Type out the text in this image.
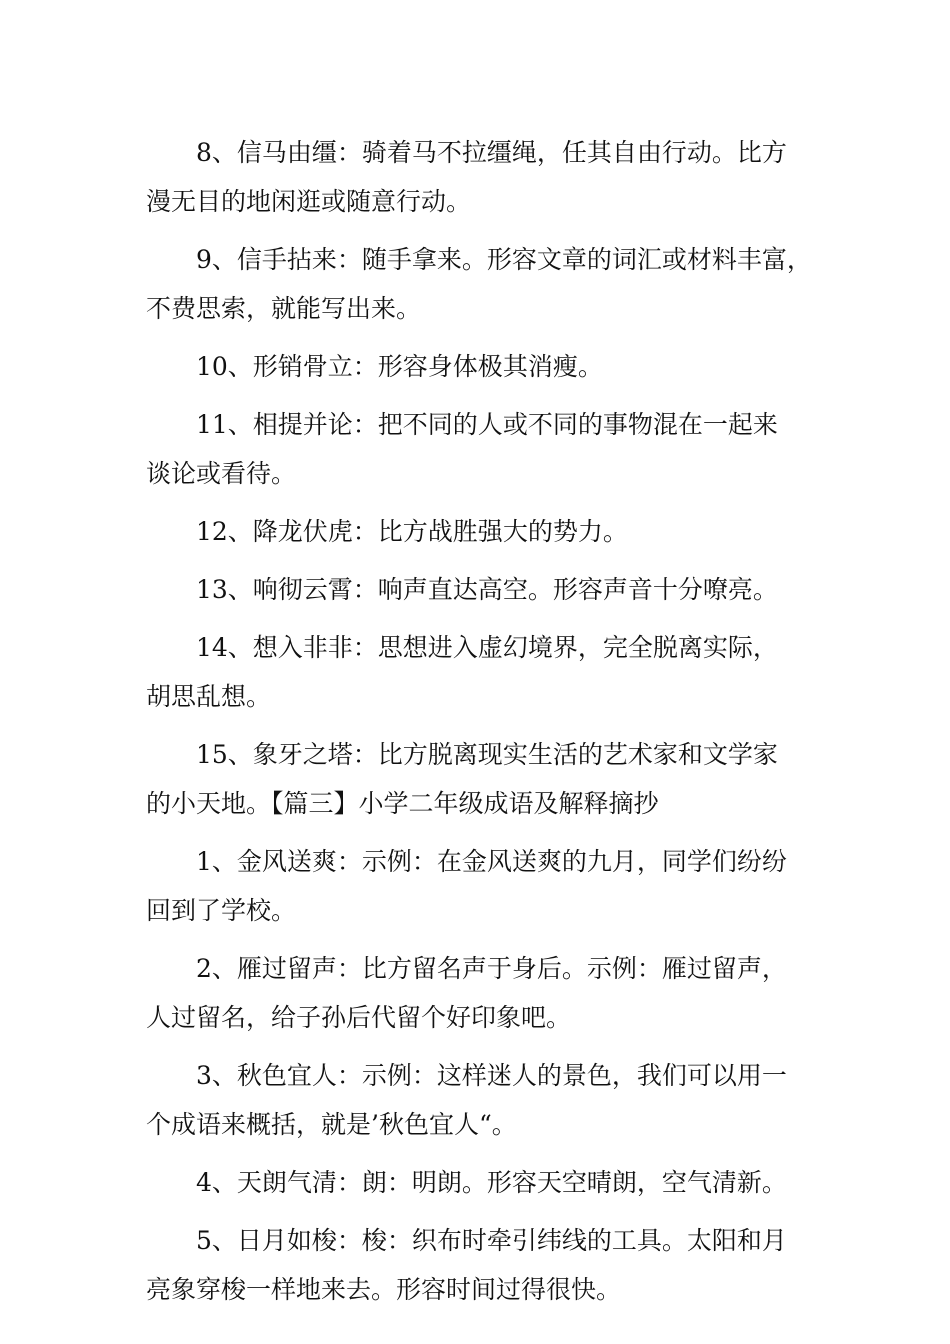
8、信马由缰：骑着马不拉缰绳，任其自由行动。比方
漫无目的地闲逛或随意行动。
9、信手拈来：随手拿来。形容文章的词汇或材料丰富，
不费思索，就能写出来。
10、形销骨立：形容身体极其消瘦。
11、相提并论：把不同的人或不同的事物混在一起来
谈论或看待。
12、降龙伏虎：比方战胜强大的势力。
13、响彻云霄：响声直达高空。形容声音十分嘹亮。
14、想入非非：思想进入虚幻境界，完全脱离实际，
胡思乱想。
15、象牙之塔：比方脱离现实生活的艺术家和文学家
的小天地。【篇三】小学二年级成语及解释摘抄
1、金风送爽：示例：在金风送爽的九月，同学们纷纷
回到了学校。
2、雁过留声：比方留名声于身后。示例：雁过留声，
人过留名，给子孙后代留个好印象吧。
3、秋色宜人：示例：这样迷人的景色，我们可以用一
个成语来概括，就是’秋色宜人“。
4、天朗气清：朗：明朗。形容天空晴朗，空气清新。
5、日月如梭：梭：织布时牵引纬线的工具。太阳和月
亮象穿梭一样地来去。形容时间过得很快。
